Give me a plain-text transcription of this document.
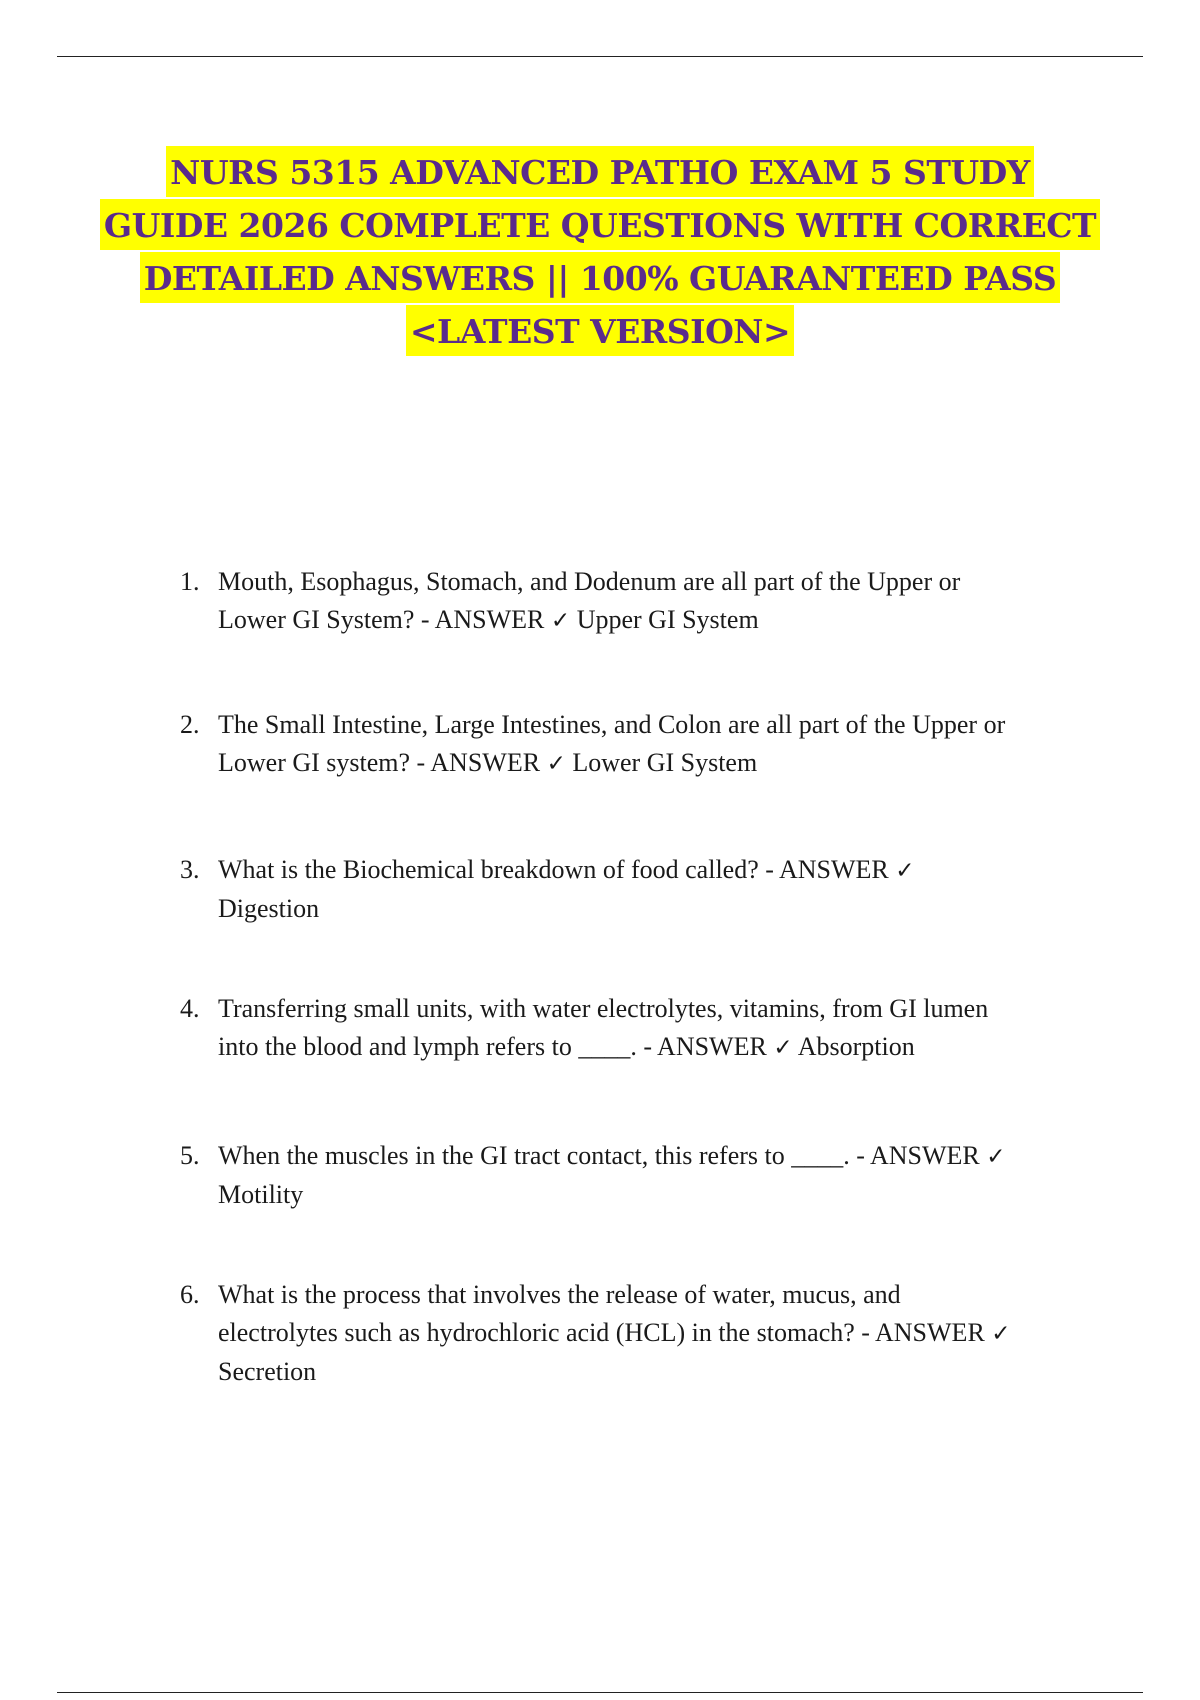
NURS 5315 ADVANCED PATHO EXAM 5 STUDY
GUIDE 2026 COMPLETE QUESTIONS WITH CORRECT
DETAILED ANSWERS || 100% GUARANTEED PASS
<LATEST VERSION>
1. Mouth, Esophagus, Stomach, and Dodenum are all part of the Upper or
Lower GI System? - ANSWER ✓ Upper GI System
2. The Small Intestine, Large Intestines, and Colon are all part of the Upper or
Lower GI system? - ANSWER ✓ Lower GI System
3. What is the Biochemical breakdown of food called? - ANSWER ✓
Digestion
4. Transferring small units, with water electrolytes, vitamins, from GI lumen
into the blood and lymph refers to ____. - ANSWER ✓ Absorption
5. When the muscles in the GI tract contact, this refers to ____. - ANSWER ✓
Motility
6. What is the process that involves the release of water, mucus, and
electrolytes such as hydrochloric acid (HCL) in the stomach? - ANSWER ✓
Secretion
